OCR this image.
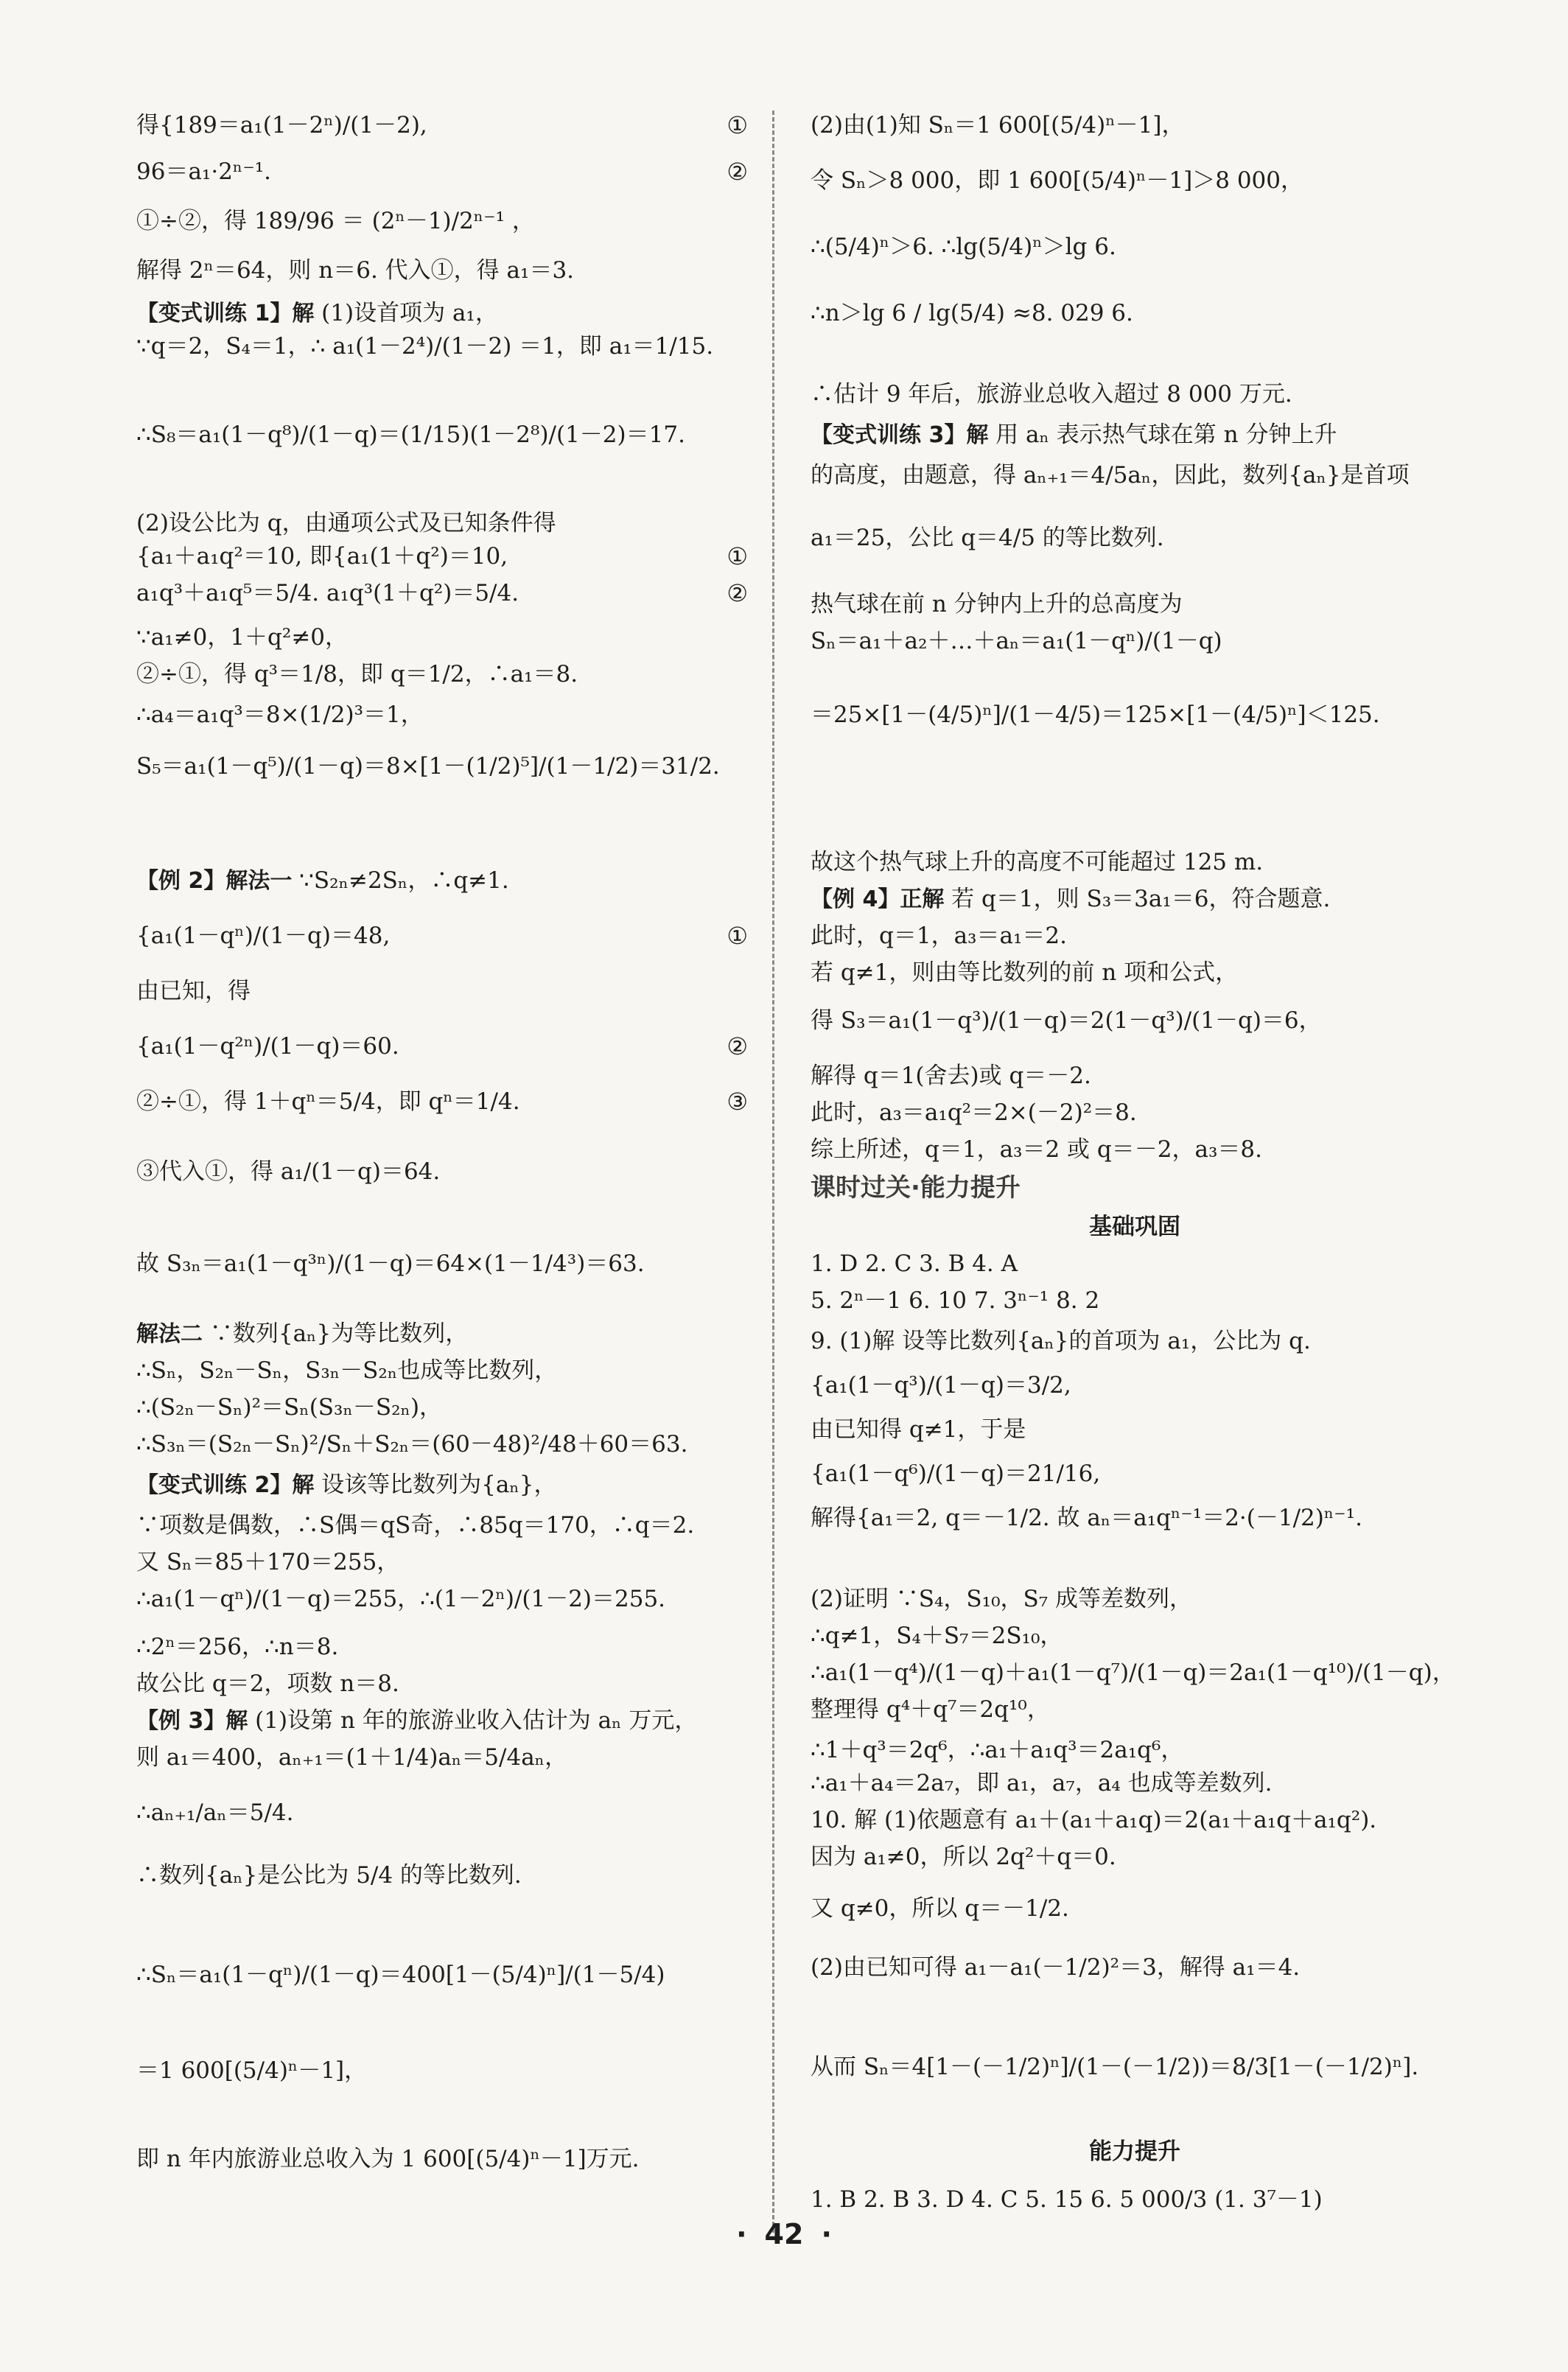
得{189＝a₁(1－2ⁿ)/(1－2),	①
96＝a₁·2ⁿ⁻¹.	②
①÷②，得 189/96 ＝ (2ⁿ－1)/2ⁿ⁻¹ ，
解得 2ⁿ＝64，则 n＝6. 代入①，得 a₁＝3.
【变式训练 1】解 (1)设首项为 a₁，
∵q＝2，S₄＝1，∴ a₁(1－2⁴)/(1－2) ＝1，即 a₁＝1/15.
∴S₈＝a₁(1－q⁸)/(1－q)＝(1/15)(1－2⁸)/(1－2)＝17.
(2)设公比为 q，由通项公式及已知条件得
{a₁＋a₁q²＝10, 即{a₁(1＋q²)＝10,	①
a₁q³＋a₁q⁵＝5/4. a₁q³(1＋q²)＝5/4.	②
∵a₁≠0，1＋q²≠0，
②÷①，得 q³＝1/8，即 q＝1/2，∴a₁＝8.
∴a₄＝a₁q³＝8×(1/2)³＝1，
S₅＝a₁(1－q⁵)/(1－q)＝8×[1－(1/2)⁵]/(1－1/2)＝31/2.
【例 2】解法一 ∵S₂ₙ≠2Sₙ，∴q≠1.
{a₁(1－qⁿ)/(1－q)＝48,	①
由已知，得
{a₁(1－q²ⁿ)/(1－q)＝60.	②
②÷①，得 1＋qⁿ＝5/4，即 qⁿ＝1/4.	③
③代入①，得 a₁/(1－q)＝64.
故 S₃ₙ＝a₁(1－q³ⁿ)/(1－q)＝64×(1－1/4³)＝63.
解法二 ∵数列{aₙ}为等比数列，
∴Sₙ，S₂ₙ－Sₙ，S₃ₙ－S₂ₙ也成等比数列，
∴(S₂ₙ－Sₙ)²＝Sₙ(S₃ₙ－S₂ₙ)，
∴S₃ₙ＝(S₂ₙ－Sₙ)²/Sₙ＋S₂ₙ＝(60－48)²/48＋60＝63.
【变式训练 2】解 设该等比数列为{aₙ}，
∵项数是偶数，∴S偶＝qS奇，∴85q＝170，∴q＝2.
又 Sₙ＝85＋170＝255，
∴a₁(1－qⁿ)/(1－q)＝255，∴(1－2ⁿ)/(1－2)＝255.
∴2ⁿ＝256，∴n＝8.
故公比 q＝2，项数 n＝8.
【例 3】解 (1)设第 n 年的旅游业收入估计为 aₙ 万元，
则 a₁＝400，aₙ₊₁＝(1＋1/4)aₙ＝5/4aₙ，
∴aₙ₊₁/aₙ＝5/4.
∴数列{aₙ}是公比为 5/4 的等比数列.
∴Sₙ＝a₁(1－qⁿ)/(1－q)＝400[1－(5/4)ⁿ]/(1－5/4)
＝1 600[(5/4)ⁿ－1]，
即 n 年内旅游业总收入为 1 600[(5/4)ⁿ－1]万元.
(2)由(1)知 Sₙ＝1 600[(5/4)ⁿ－1]，
令 Sₙ＞8 000，即 1 600[(5/4)ⁿ－1]＞8 000，
∴(5/4)ⁿ＞6. ∴lg(5/4)ⁿ＞lg 6.
∴n＞lg 6 / lg(5/4) ≈8. 029 6.
∴估计 9 年后，旅游业总收入超过 8 000 万元.
【变式训练 3】解 用 aₙ 表示热气球在第 n 分钟上升
的高度，由题意，得 aₙ₊₁＝4/5aₙ，因此，数列{aₙ}是首项
a₁＝25，公比 q＝4/5 的等比数列.
热气球在前 n 分钟内上升的总高度为
Sₙ＝a₁＋a₂＋…＋aₙ＝a₁(1－qⁿ)/(1－q)
＝25×[1－(4/5)ⁿ]/(1－4/5)＝125×[1－(4/5)ⁿ]＜125.
故这个热气球上升的高度不可能超过 125 m.
【例 4】正解 若 q＝1，则 S₃＝3a₁＝6，符合题意.
此时，q＝1，a₃＝a₁＝2.
若 q≠1，则由等比数列的前 n 项和公式，
得 S₃＝a₁(1－q³)/(1－q)＝2(1－q³)/(1－q)＝6，
解得 q＝1(舍去)或 q＝－2.
此时，a₃＝a₁q²＝2×(－2)²＝8.
综上所述，q＝1，a₃＝2 或 q＝－2，a₃＝8.
课时过关·能力提升
基础巩固
1. D 2. C 3. B 4. A
5. 2ⁿ－1 6. 10 7. 3ⁿ⁻¹ 8. 2
9. (1)解 设等比数列{aₙ}的首项为 a₁，公比为 q.
{a₁(1－q³)/(1－q)＝3/2,
由已知得 q≠1，于是
{a₁(1－q⁶)/(1－q)＝21/16,
解得{a₁＝2, q＝－1/2. 故 aₙ＝a₁qⁿ⁻¹＝2·(－1/2)ⁿ⁻¹.
(2)证明 ∵S₄，S₁₀，S₇ 成等差数列，
∴q≠1，S₄＋S₇＝2S₁₀，
∴a₁(1－q⁴)/(1－q)＋a₁(1－q⁷)/(1－q)＝2a₁(1－q¹⁰)/(1－q)，
整理得 q⁴＋q⁷＝2q¹⁰，
∴1＋q³＝2q⁶，∴a₁＋a₁q³＝2a₁q⁶，
∴a₁＋a₄＝2a₇，即 a₁，a₇，a₄ 也成等差数列.
10. 解 (1)依题意有 a₁＋(a₁＋a₁q)＝2(a₁＋a₁q＋a₁q²).
因为 a₁≠0，所以 2q²＋q＝0.
又 q≠0，所以 q＝－1/2.
(2)由已知可得 a₁－a₁(－1/2)²＝3，解得 a₁＝4.
从而 Sₙ＝4[1－(－1/2)ⁿ]/(1－(－1/2))＝8/3[1－(－1/2)ⁿ].
能力提升
1. B 2. B 3. D 4. C 5. 15 6. 5 000/3 (1. 3⁷－1)
· 42 ·
